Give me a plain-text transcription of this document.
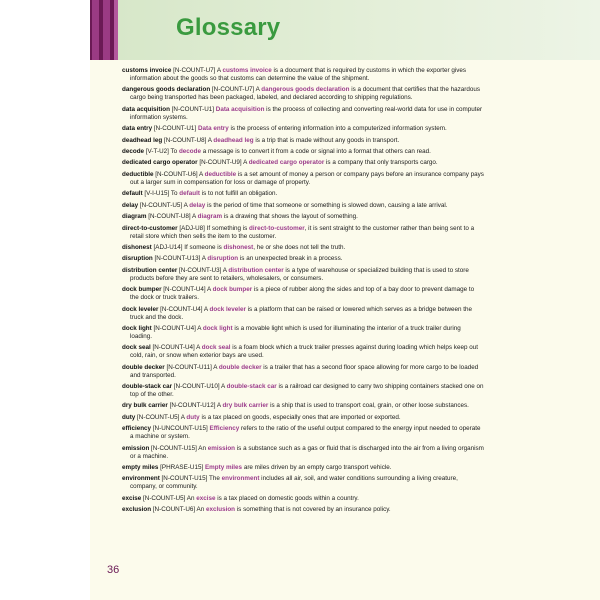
Glossary
customs invoice [N-COUNT-U7] A customs invoice is a document that is required by customs in which the exporter gives information about the goods so that customs can determine the value of the shipment.
dangerous goods declaration [N-COUNT-U7] A dangerous goods declaration is a document that certifies that the hazardous cargo being transported has been packaged, labeled, and declared according to shipping regulations.
data acquisition [N-COUNT-U1] Data acquisition is the process of collecting and converting real-world data for use in computer information systems.
data entry [N-COUNT-U1] Data entry is the process of entering information into a computerized information system.
deadhead leg [N-COUNT-U8] A deadhead leg is a trip that is made without any goods in transport.
decode [V-T-U2] To decode a message is to convert it from a code or signal into a format that others can read.
dedicated cargo operator [N-COUNT-U9] A dedicated cargo operator is a company that only transports cargo.
deductible [N-COUNT-U6] A deductible is a set amount of money a person or company pays before an insurance company pays out a larger sum in compensation for loss or damage of property.
default [V-I-U15] To default is to not fulfill an obligation.
delay [N-COUNT-U5] A delay is the period of time that someone or something is slowed down, causing a late arrival.
diagram [N-COUNT-U8] A diagram is a drawing that shows the layout of something.
direct-to-customer [ADJ-U8] If something is direct-to-customer, it is sent straight to the customer rather than being sent to a retail store which then sells the item to the customer.
dishonest [ADJ-U14] If someone is dishonest, he or she does not tell the truth.
disruption [N-COUNT-U13] A disruption is an unexpected break in a process.
distribution center [N-COUNT-U3] A distribution center is a type of warehouse or specialized building that is used to store products before they are sent to retailers, wholesalers, or consumers.
dock bumper [N-COUNT-U4] A dock bumper is a piece of rubber along the sides and top of a bay door to prevent damage to the dock or truck trailers.
dock leveler [N-COUNT-U4] A dock leveler is a platform that can be raised or lowered which serves as a bridge between the truck and the dock.
dock light [N-COUNT-U4] A dock light is a movable light which is used for illuminating the interior of a truck trailer during loading.
dock seal [N-COUNT-U4] A dock seal is a foam block which a truck trailer presses against during loading which helps keep out cold, rain, or snow when exterior bays are used.
double decker [N-COUNT-U11] A double decker is a trailer that has a second floor space allowing for more cargo to be loaded and transported.
double-stack car [N-COUNT-U10] A double-stack car is a railroad car designed to carry two shipping containers stacked one on top of the other.
dry bulk carrier [N-COUNT-U12] A dry bulk carrier is a ship that is used to transport coal, grain, or other loose substances.
duty [N-COUNT-U5] A duty is a tax placed on goods, especially ones that are imported or exported.
efficiency [N-UNCOUNT-U15] Efficiency refers to the ratio of the useful output compared to the energy input needed to operate a machine or system.
emission [N-COUNT-U15] An emission is a substance such as a gas or fluid that is discharged into the air from a living organism or a machine.
empty miles [PHRASE-U15] Empty miles are miles driven by an empty cargo transport vehicle.
environment [N-COUNT-U15] The environment includes all air, soil, and water conditions surrounding a living creature, company, or community.
excise [N-COUNT-U5] An excise is a tax placed on domestic goods within a country.
exclusion [N-COUNT-U6] An exclusion is something that is not covered by an insurance policy.
36
